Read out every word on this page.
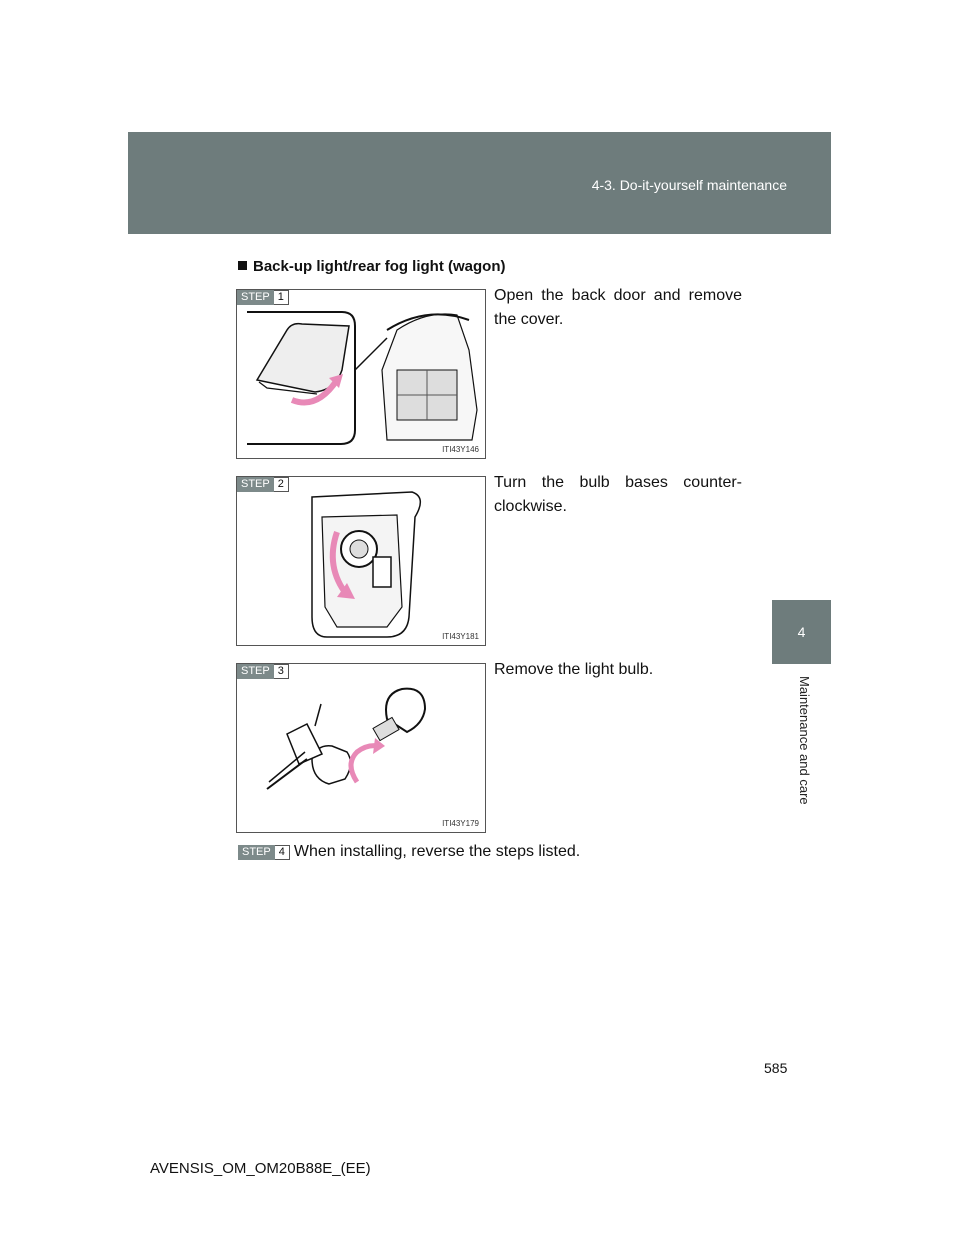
4-3. Do-it-yourself maintenance
4
Maintenance and care
Back-up light/rear fog light (wagon)
STEP 1
ITI43Y146
Open the back door and remove the cover.
STEP 2
ITI43Y181
Turn the bulb bases counter-clockwise.
STEP 3
ITI43Y179
Remove the light bulb.
STEP 4 When installing, reverse the steps listed.
585
AVENSIS_OM_OM20B88E_(EE)
